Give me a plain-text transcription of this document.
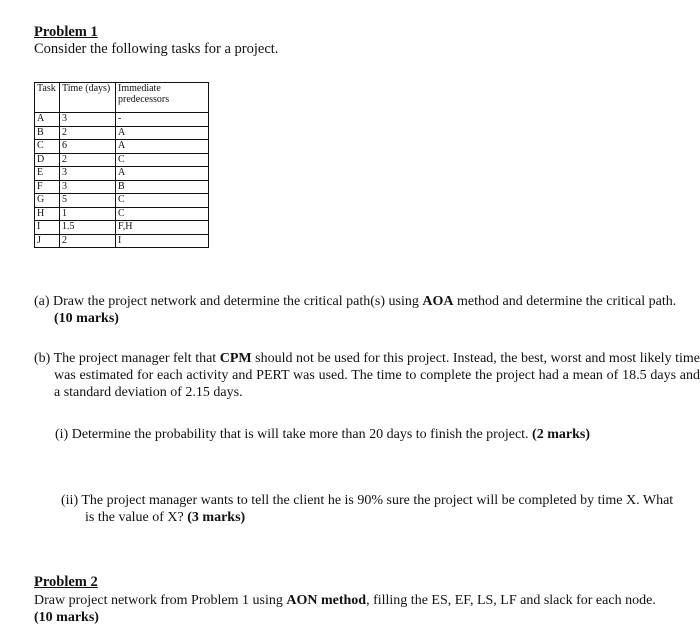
Problem 1
Consider the following tasks for a project.
Task	Time (days)	Immediate predecessors
A	3	-
B	2	A
C	6	A
D	2	C
E	3	A
F	3	B
G	5	C
H	1	C
I	1.5	F,H
J	2	I
(a) Draw the project network and determine the critical path(s) using AOA method and determine the critical path. (10 marks)
(b) The project manager felt that CPM should not be used for this project. Instead, the best, worst and most likely time was estimated for each activity and PERT was used. The time to complete the project had a mean of 18.5 days and a standard deviation of 2.15 days.
(i) Determine the probability that is will take more than 20 days to finish the project. (2 marks)
(ii) The project manager wants to tell the client he is 90% sure the project will be completed by time X. What is the value of X? (3 marks)
Problem 2
Draw project network from Problem 1 using AON method, filling the ES, EF, LS, LF and slack for each node.
(10 marks)
